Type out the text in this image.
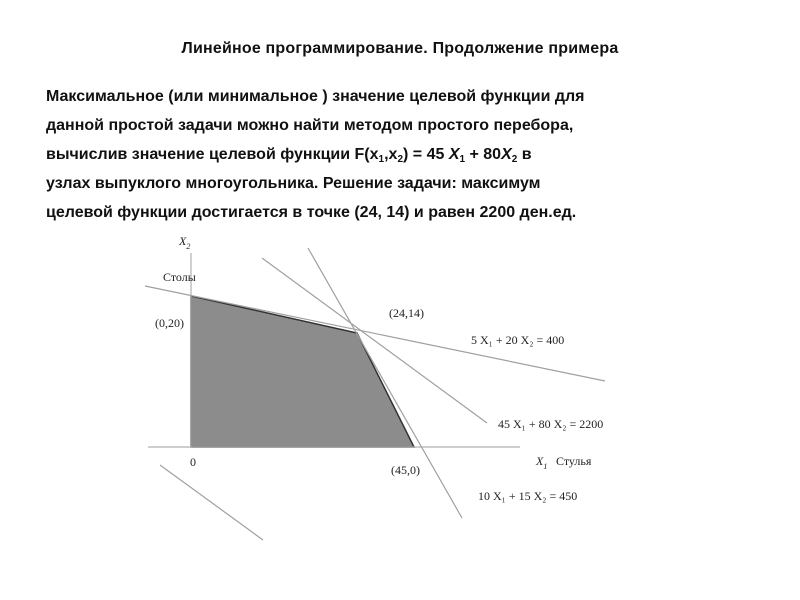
Линейное программирование. Продолжение примера
Максимальное (или минимальное ) значение целевой функции для
данной простой задачи можно найти методом простого перебора,
вычислив значение целевой функции $F(x_1,x_2) = 45$ $X_1 + 80X_2$ в
узлах выпуклого многоугольника. Решение задачи: максимум
целевой функции достигается в точке (24, 14) и равен 2200 ден.ед.
$X_2$
Столы
$X_1$ Стулья
0
(0,20)
(24,14)
(45,0)
5 X₁ + 20 X₂ = 400
45 X₁ + 80 X₂ = 2200
10 X₁ + 15 X₂ = 450
